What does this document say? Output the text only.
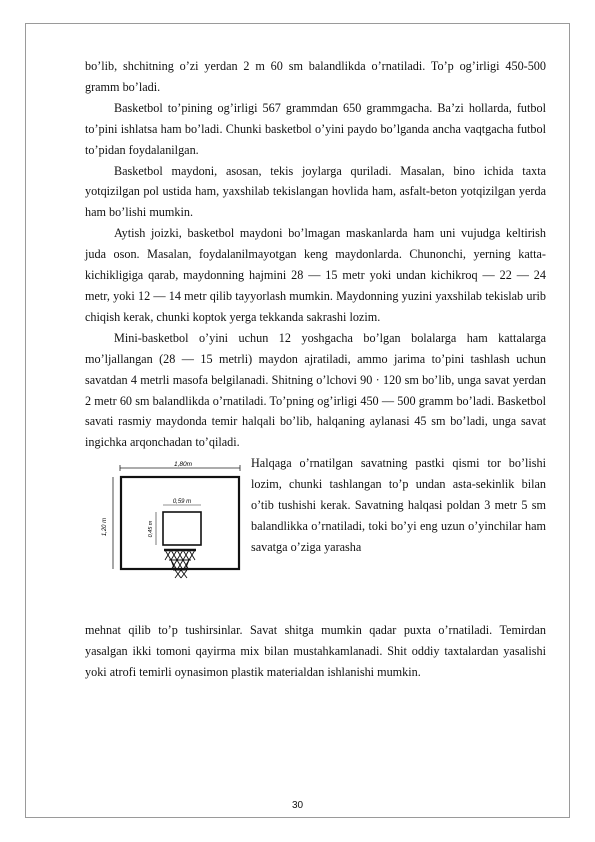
bo’lib, shchitning o’zi yerdan 2 m 60 sm balandlikda o’rnatiladi. To’p og’irligi 450-500 gramm bo’ladi.

Basketbol to’pining og’irligi 567 grammdan 650 grammgacha. Ba’zi hollarda, futbol to’pini ishlatsa ham bo’ladi. Chunki basketbol o’yini paydo bo’lganda ancha vaqtgacha futbol to’pidan foydalanilgan.

Basketbol maydoni, asosan, tekis joylarga quriladi. Masalan, bino ichida taxta yotqizilgan pol ustida ham, yaxshilab tekislangan hovlida ham, asfalt-beton yotqizilgan yerda ham bo’lishi mumkin.

Aytish joizki, basketbol maydoni bo’lmagan maskanlarda ham uni vujudga keltirish juda oson. Masalan, foydalanilmayotgan keng maydonlarda. Chunonchi, yerning katta-kichikligiga qarab, maydonning hajmini 28 — 15 metr yoki undan kichikroq — 22 — 24 metr, yoki 12 — 14 metr qilib tayyorlash mumkin. Maydonning yuzini yaxshilab tekislab urib chiqish kerak, chunki koptok yerga tekkanda sakrashi lozim.

Mini-basketbol o’yini uchun 12 yoshgacha bo’lgan bolalarga ham kattalarga mo’ljallangan (28 — 15 metrli) maydon ajratiladi, ammo jarima to’pini tashlash uchun savatdan 4 metrli masofa belgilanadi. Shitning o’lchovi 90 · 120 sm bo’lib, unga savat yerdan 2 metr 60 sm balandlikda o’rnatiladi. To’pning og’irligi 450 — 500 gramm bo’ladi. Basketbol savati rasmiy maydonda temir halqali bo’lib, halqaning aylanasi 45 sm bo’ladi, unga savat ingichka arqonchadan to’qiladi.

1,80m
1,20 m
0,59 m
0,45 m

Halqaga o’rnatilgan savatning pastki qismi tor bo’lishi lozim, chunki tashlangan to’p undan asta-sekinlik bilan o’tib tushishi kerak. Savatning halqasi poldan 3 metr 5 sm balandlikka o’rnatiladi, toki bo’yi eng uzun o’yinchilar ham savatga o’ziga yarasha

mehnat qilib to’p tushirsinlar. Savat shitga mumkin qadar puxta o’rnatiladi. Temirdan yasalgan ikki tomoni qayirma mix bilan mustahkamlanadi. Shit oddiy taxtalardan yasalishi yoki atrofi temirli oynasimon plastik materialdan ishlanishi mumkin.

30
